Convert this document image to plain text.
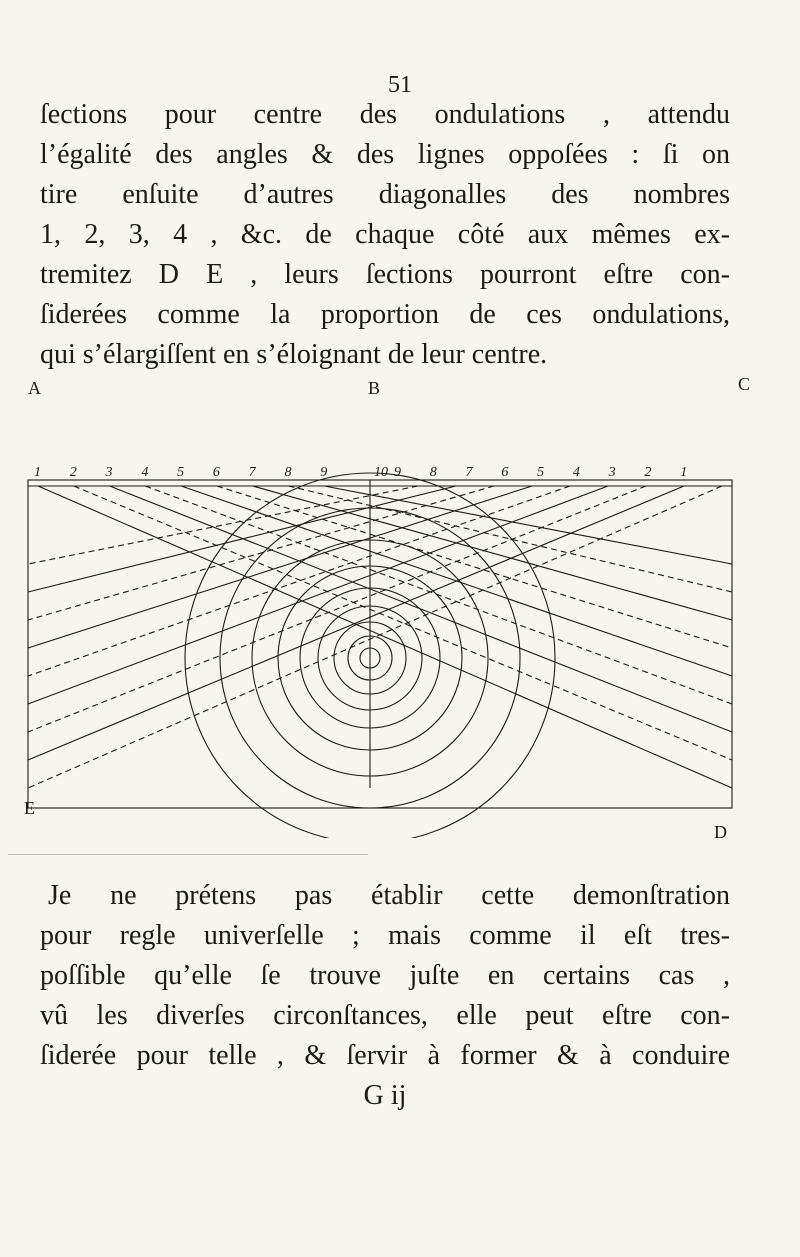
51
ſections pour centre des ondulations , attendu
l’égalité des angles & des lignes oppoſées : ſi on
tire enſuite d’autres diagonalles des nombres
1, 2, 3, 4 , &c. de chaque côté aux mêmes ex-
tremitez D E , leurs ſections pourront eſtre con-
ſiderées comme la proportion de ces ondulations,
qui s’élargiſſent en s’éloignant de leur centre.
1	9
2	8
3	7
4	6
5	5
6	4
7	3
8	2
9	1
10
A	B	C
D
E
Je ne prétens pas établir cette demonſtration
pour regle univerſelle ; mais comme il eſt tres-
poſſible qu’elle ſe trouve juſte en certains cas ,
vû les diverſes circonſtances, elle peut eſtre con-
ſiderée pour telle , & ſervir à former & à conduire
G ij
